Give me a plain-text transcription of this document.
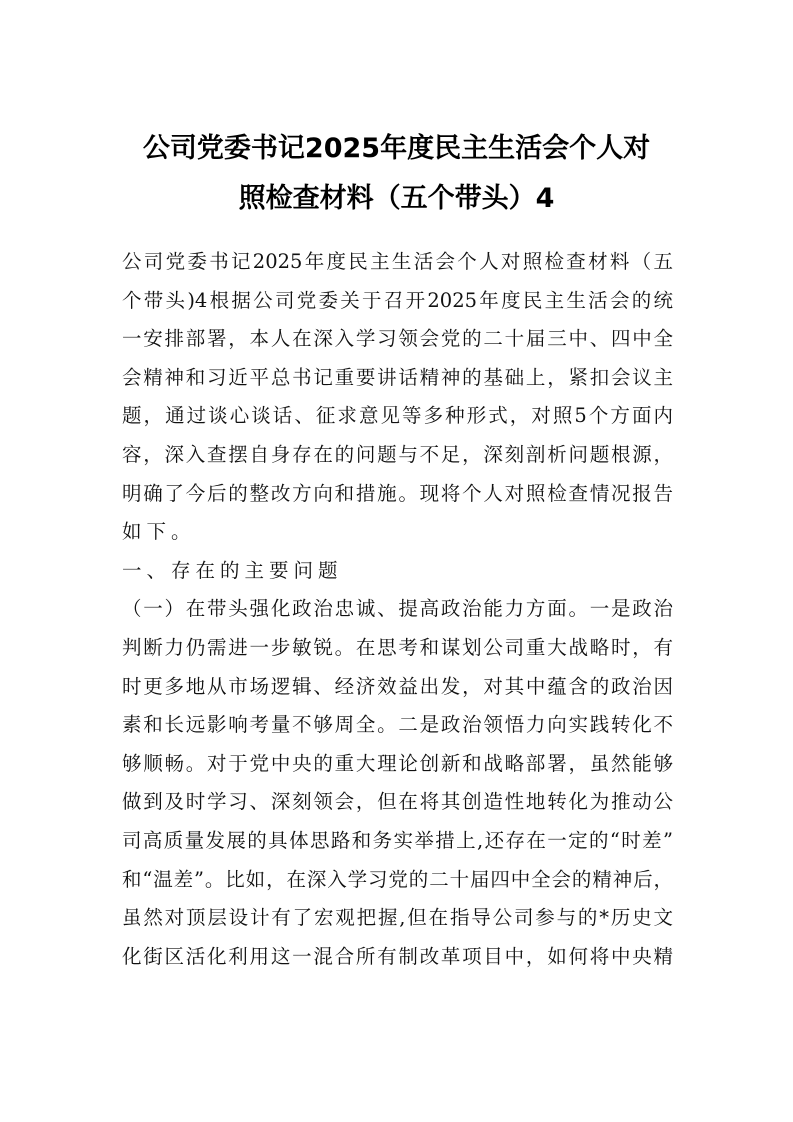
公司党委书记2025年度民主生活会个人对
照检查材料（五个带头）4
公司党委书记2025年度民主生活会个人对照检查材料（五
个带头)4根据公司党委关于召开2025年度民主生活会的统
一安排部署，本人在深入学习领会党的二十届三中、四中全
会精神和习近平总书记重要讲话精神的基础上，紧扣会议主
题，通过谈心谈话、征求意见等多种形式，对照5个方面内
容，深入查摆自身存在的问题与不足，深刻剖析问题根源，
明确了今后的整改方向和措施。现将个人对照检查情况报告
如下。
一、存在的主要问题
（一）在带头强化政治忠诚、提高政治能力方面。一是政治
判断力仍需进一步敏锐。在思考和谋划公司重大战略时，有
时更多地从市场逻辑、经济效益出发，对其中蕴含的政治因
素和长远影响考量不够周全。二是政治领悟力向实践转化不
够顺畅。对于党中央的重大理论创新和战略部署，虽然能够
做到及时学习、深刻领会，但在将其创造性地转化为推动公
司高质量发展的具体思路和务实举措上,还存在一定的“时差”
和“温差”。比如，在深入学习党的二十届四中全会的精神后，
虽然对顶层设计有了宏观把握,但在指导公司参与的*历史文
化街区活化利用这一混合所有制改革项目中，如何将中央精
